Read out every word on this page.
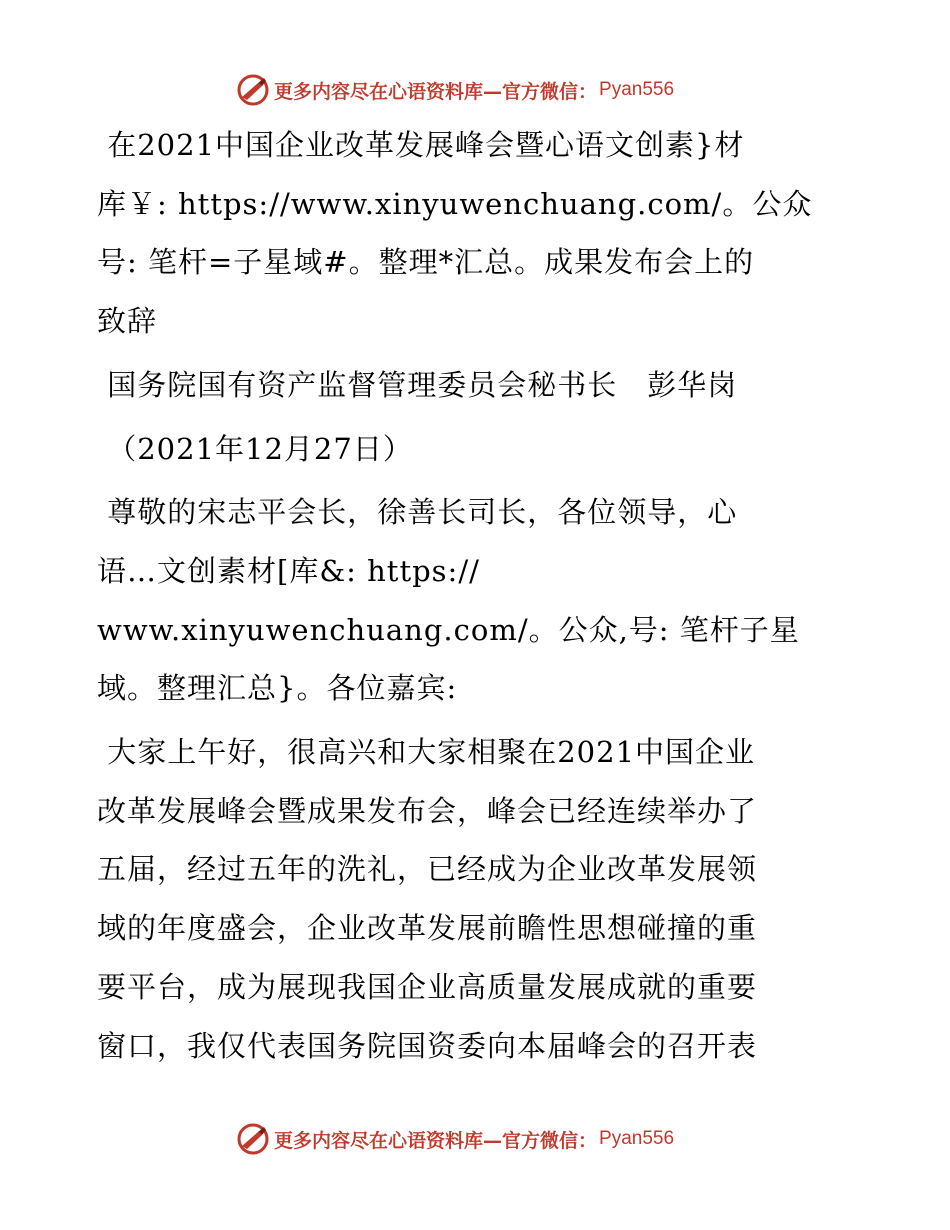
更多内容尽在心语资料库—官方微信： Pyan556
在2021中国企业改革发展峰会暨心语文创素}材
库￥: https://www.xinyuwenchuang.com/。公众
号: 笔杆=子星域#。整理*汇总。成果发布会上的
致辞
国务院国有资产监督管理委员会秘书长　彭华岗
（2021年12月27日）
尊敬的宋志平会长，徐善长司长，各位领导，心
语…文创素材[库&: https://
www.xinyuwenchuang.com/。公众,号: 笔杆子星
域。整理汇总}。各位嘉宾:
大家上午好，很高兴和大家相聚在2021中国企业
改革发展峰会暨成果发布会，峰会已经连续举办了
五届，经过五年的洗礼，已经成为企业改革发展领
域的年度盛会，企业改革发展前瞻性思想碰撞的重
要平台，成为展现我国企业高质量发展成就的重要
窗口，我仅代表国务院国资委向本届峰会的召开表
更多内容尽在心语资料库—官方微信： Pyan556
